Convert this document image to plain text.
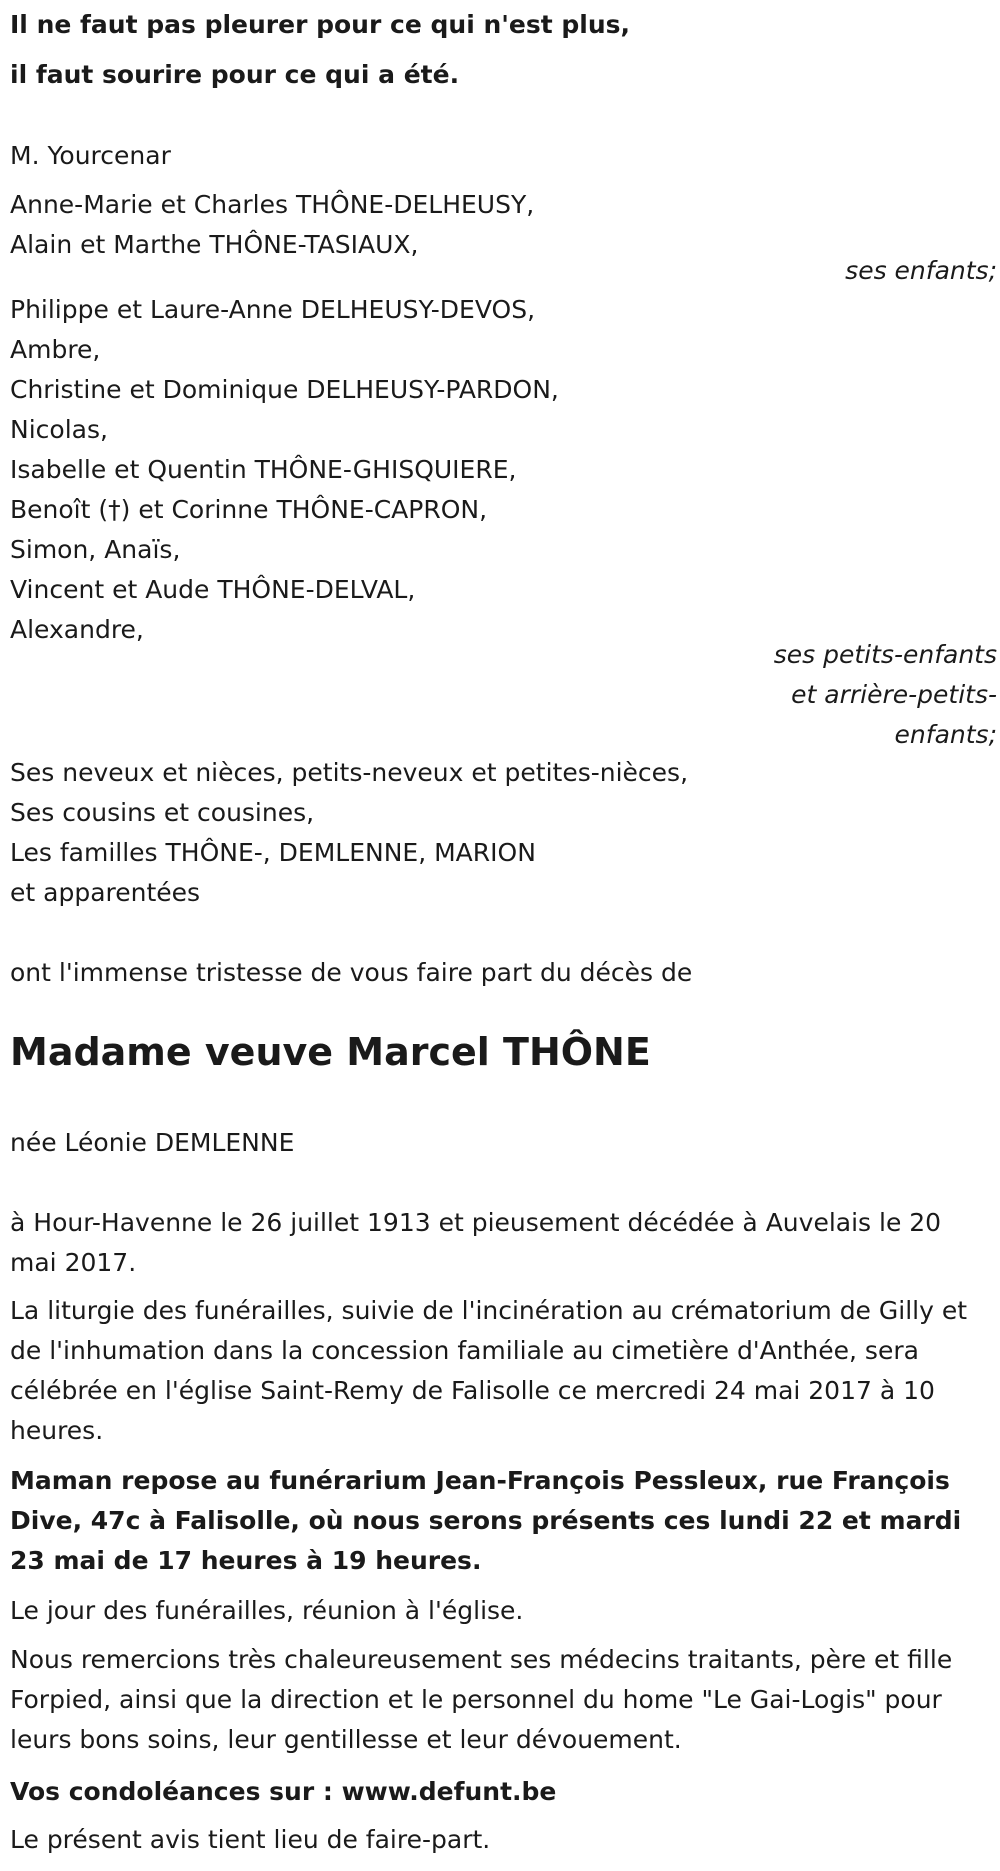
Il ne faut pas pleurer pour ce qui n'est plus,
il faut sourire pour ce qui a été.
M. Yourcenar
Anne-Marie et Charles THÔNE-DELHEUSY,
Alain et Marthe THÔNE-TASIAUX,
ses enfants;
Philippe et Laure-Anne DELHEUSY-DEVOS,
Ambre,
Christine et Dominique DELHEUSY-PARDON,
Nicolas,
Isabelle et Quentin THÔNE-GHISQUIERE,
Benoît (†) et Corinne THÔNE-CAPRON,
Simon, Anaïs,
Vincent et Aude THÔNE-DELVAL,
Alexandre,
ses petits-enfants
et arrière-petits-
enfants;
Ses neveux et nièces, petits-neveux et petites-nièces,
Ses cousins et cousines,
Les familles THÔNE-, DEMLENNE, MARION
et apparentées
ont l'immense tristesse de vous faire part du décès de
Madame veuve Marcel THÔNE
née Léonie DEMLENNE
à Hour-Havenne le 26 juillet 1913 et pieusement décédée à Auvelais le 20 mai 2017.
La liturgie des funérailles, suivie de l'incinération au crématorium de Gilly et de l'inhumation dans la concession familiale au cimetière d'Anthée, sera célébrée en l'église Saint-Remy de Falisolle ce mercredi 24 mai 2017 à 10 heures.
Maman repose au funérarium Jean-François Pessleux, rue François Dive, 47c à Falisolle, où nous serons présents ces lundi 22 et mardi 23 mai de 17 heures à 19 heures.
Le jour des funérailles, réunion à l'église.
Nous remercions très chaleureusement ses médecins traitants, père et fille Forpied, ainsi que la direction et le personnel du home "Le Gai-Logis" pour leurs bons soins, leur gentillesse et leur dévouement.
Vos condoléances sur : www.defunt.be
Le présent avis tient lieu de faire-part.
